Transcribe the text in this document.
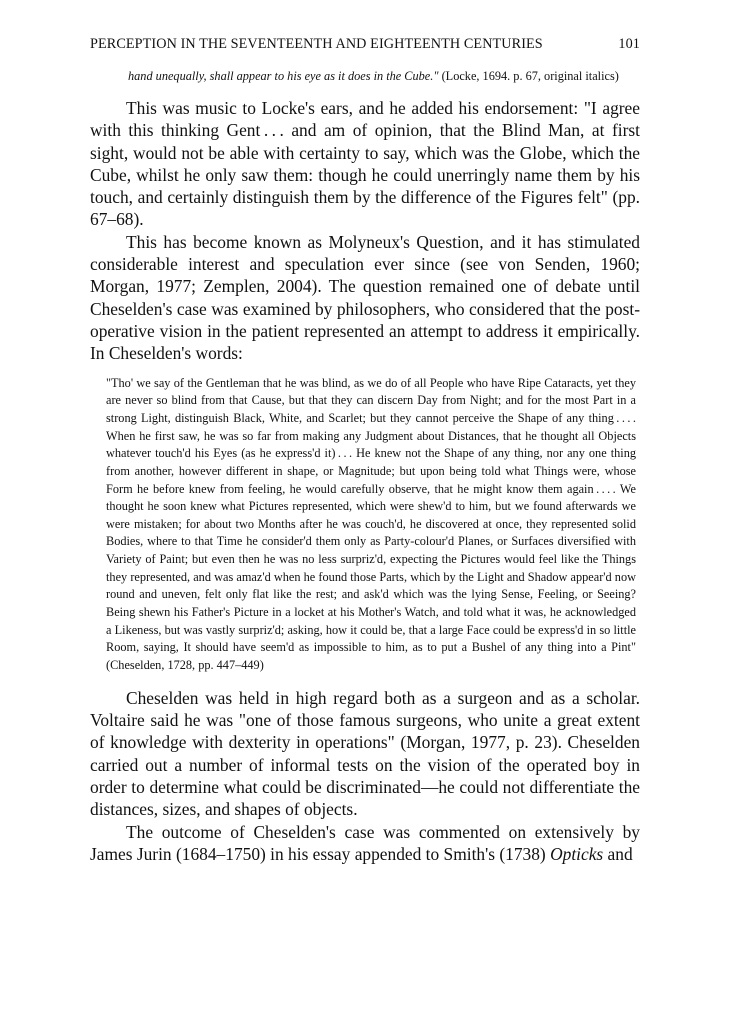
PERCEPTION IN THE SEVENTEENTH AND EIGHTEENTH CENTURIES	101
hand unequally, shall appear to his eye as it does in the Cube." (Locke, 1694. p. 67, original italics)

This was music to Locke's ears, and he added his endorsement: "I agree with this thinking Gent . . . and am of opinion, that the Blind Man, at first sight, would not be able with certainty to say, which was the Globe, which the Cube, whilst he only saw them: though he could unerringly name them by his touch, and certainly distinguish them by the difference of the Figures felt" (pp. 67–68).

This has become known as Molyneux's Question, and it has stimulated considerable interest and speculation ever since (see von Senden, 1960; Morgan, 1977; Zemplen, 2004). The question remained one of debate until Cheselden's case was examined by philosophers, who considered that the post-operative vision in the patient represented an attempt to address it empirically. In Cheselden's words:

"Tho' we say of the Gentleman that he was blind, as we do of all People who have Ripe Cataracts, yet they are never so blind from that Cause, but that they can discern Day from Night; and for the most Part in a strong Light, distinguish Black, White, and Scarlet; but they cannot perceive the Shape of any thing . . . . When he first saw, he was so far from making any Judgment about Distances, that he thought all Objects whatever touch'd his Eyes (as he express'd it) . . . He knew not the Shape of any thing, nor any one thing from another, however different in shape, or Magnitude; but upon being told what Things were, whose Form he before knew from feeling, he would carefully observe, that he might know them again . . . . We thought he soon knew what Pictures represented, which were shew'd to him, but we found afterwards we were mistaken; for about two Months after he was couch'd, he discovered at once, they represented solid Bodies, where to that Time he consider'd them only as Party-colour'd Planes, or Surfaces diversified with Variety of Paint; but even then he was no less surpriz'd, expecting the Pictures would feel like the Things they represented, and was amaz'd when he found those Parts, which by the Light and Shadow appear'd now round and uneven, felt only flat like the rest; and ask'd which was the lying Sense, Feeling, or Seeing? Being shewn his Father's Picture in a locket at his Mother's Watch, and told what it was, he acknowledged a Likeness, but was vastly surpriz'd; asking, how it could be, that a large Face could be express'd in so little Room, saying, It should have seem'd as impossible to him, as to put a Bushel of any thing into a Pint" (Cheselden, 1728, pp. 447–449)

Cheselden was held in high regard both as a surgeon and as a scholar. Voltaire said he was "one of those famous surgeons, who unite a great extent of knowledge with dexterity in operations" (Morgan, 1977, p. 23). Cheselden carried out a number of informal tests on the vision of the operated boy in order to determine what could be discriminated—he could not differentiate the distances, sizes, and shapes of objects.

The outcome of Cheselden's case was commented on extensively by James Jurin (1684–1750) in his essay appended to Smith's (1738) Opticks and
